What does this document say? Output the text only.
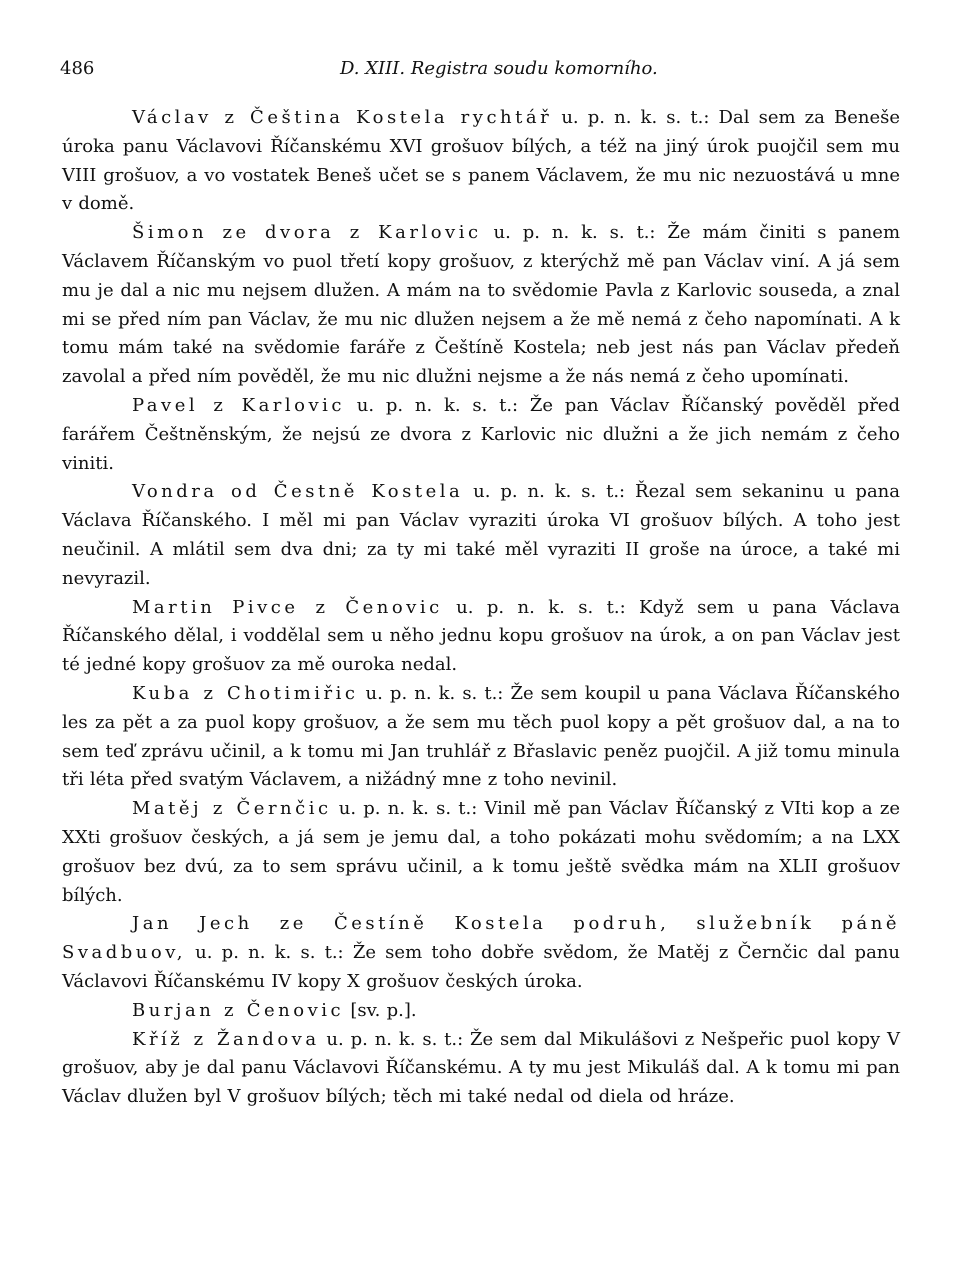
486	D. XIII. Registra soudu komorního.

Václav z Čeština Kostela rychtář u. p. n. k. s. t.: Dal sem za Beneše úroka panu Václavovi Říčanskému XVI grošuov bílých, a též na jiný úrok puojčil sem mu VIII grošuov, a vo vostatek Beneš učet se s panem Václavem, že mu nic nezuostává u mne v domě.

Šimon ze dvora z Karlovic u. p. n. k. s. t.: Že mám činiti s panem Václavem Říčanským vo puol třetí kopy grošuov, z kterýchž mě pan Václav viní. A já sem mu je dal a nic mu nejsem dlužen. A mám na to svědomie Pavla z Karlovic souseda, a znal mi se před ním pan Václav, že mu nic dlužen nejsem a že mě nemá z čeho napomínati. A k tomu mám také na svědomie faráře z Češtíně Kostela; neb jest nás pan Václav předeň zavolal a před ním pověděl, že mu nic dlužni nejsme a že nás nemá z čeho upomínati.

Pavel z Karlovic u. p. n. k. s. t.: Že pan Václav Říčanský pověděl před farářem Češtněnským, že nejsú ze dvora z Karlovic nic dlužni a že jich nemám z čeho viniti.

Vondra od Čestně Kostela u. p. n. k. s. t.: Řezal sem sekaninu u pana Václava Říčanského. I měl mi pan Václav vyraziti úroka VI grošuov bílých. A toho jest neučinil. A mlátil sem dva dni; za ty mi také měl vyraziti II groše na úroce, a také mi nevyrazil.

Martin Pivce z Čenovic u. p. n. k. s. t.: Když sem u pana Václava Říčanského dělal, i voddělal sem u něho jednu kopu grošuov na úrok, a on pan Václav jest té jedné kopy grošuov za mě ouroka nedal.

Kuba z Chotimiřic u. p. n. k. s. t.: Že sem koupil u pana Václava Říčanského les za pět a za puol kopy grošuov, a že sem mu těch puol kopy a pět grošuov dal, a na to sem teď zprávu učinil, a k tomu mi Jan truhlář z Břaslavic peněz puojčil. A již tomu minula tři léta před svatým Václavem, a nižádný mne z toho nevinil.

Matěj z Černčic u. p. n. k. s. t.: Vinil mě pan Václav Říčanský z VIti kop a ze XXti grošuov českých, a já sem je jemu dal, a toho pokázati mohu svědomím; a na LXX grošuov bez dvú, za to sem správu učinil, a k tomu ještě svědka mám na XLII grošuov bílých.

Jan Jech ze Čestíně Kostela podruh, služebník páně Svadbuov, u. p. n. k. s. t.: Že sem toho dobře svědom, že Matěj z Černčic dal panu Václavovi Říčanskému IV kopy X grošuov českých úroka.

Burjan z Čenovic [sv. p.].

Kříž z Žandova u. p. n. k. s. t.: Že sem dal Mikulášovi z Nešpeřic puol kopy V grošuov, aby je dal panu Václavovi Říčanskému. A ty mu jest Mikuláš dal. A k tomu mi pan Václav dlužen byl V grošuov bílých; těch mi také nedal od diela od hráze.
